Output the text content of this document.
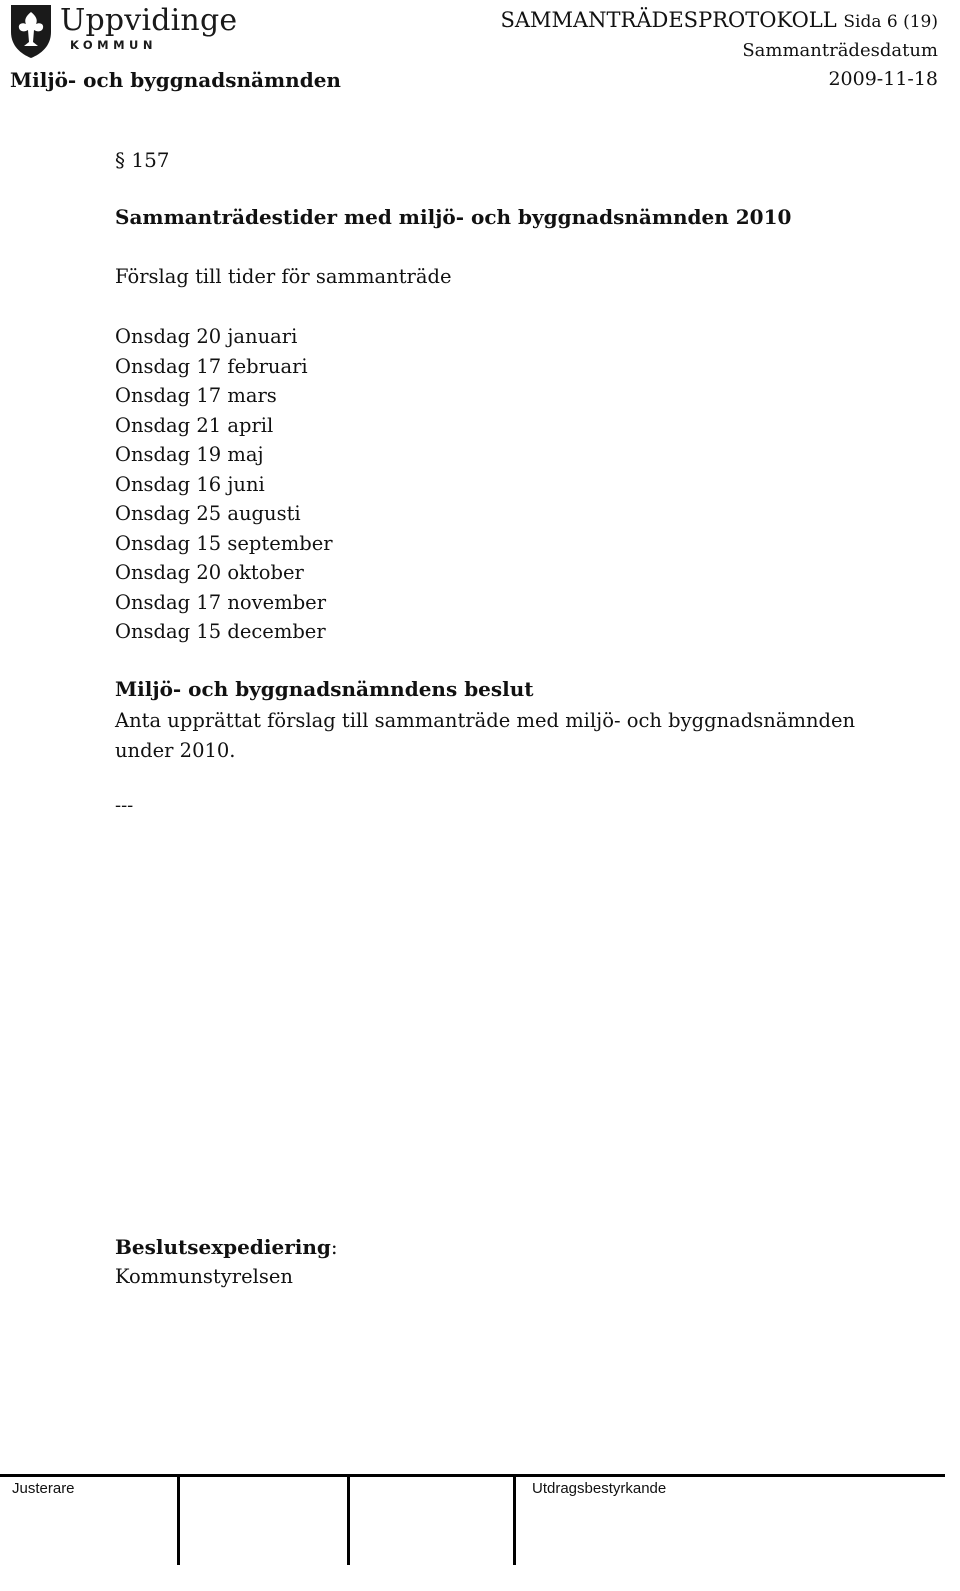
Uppvidinge
KOMMUN
SAMMANTRÄDESPROTOKOLL Sida 6 (19)
Sammanträdesdatum
Miljö- och byggnadsnämnden	2009-11-18
§ 157
Sammanträdestider med miljö- och byggnadsnämnden 2010
Förslag till tider för sammanträde
Onsdag 20 januari
Onsdag 17 februari
Onsdag 17 mars
Onsdag 21 april
Onsdag 19 maj
Onsdag 16 juni
Onsdag 25 augusti
Onsdag 15 september
Onsdag 20 oktober
Onsdag 17 november
Onsdag 15 december
Miljö- och byggnadsnämndens beslut
Anta upprättat förslag till sammanträde med miljö- och byggnadsnämnden under 2010.
---
Beslutsexpediering:
Kommunstyrelsen
Justerare	Utdragsbestyrkande
